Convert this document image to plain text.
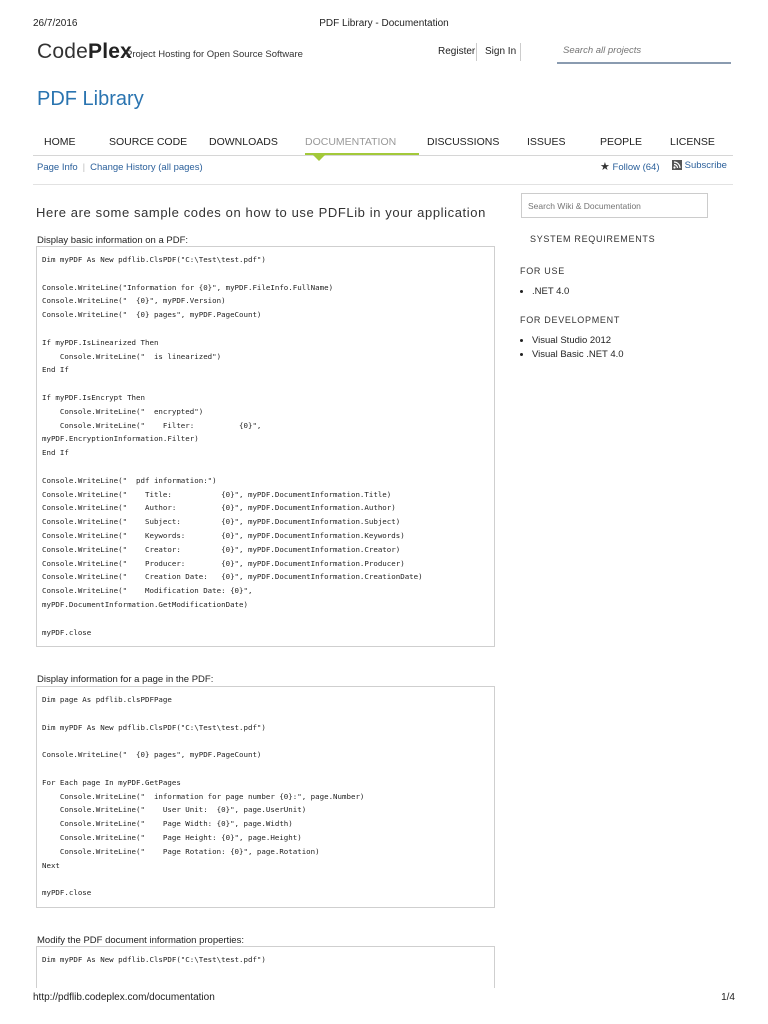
26/7/2016	PDF Library - Documentation
http://pdflib.codeplex.com/documentation	1/4
CodePlex
Project Hosting for Open Source Software	Register Sign In
Search all projects
PDF Library
HOME	SOURCE CODE DOWNLOADS	DOCUMENTATION	DISCUSSIONS	ISSUES	PEOPLE	LICENSE
Page Info | Change History (all pages)	★ Follow (64)	Subscribe
Here are some sample codes on how to use PDFLib in your application
Display basic information on a PDF:
Dim myPDF As New pdflib.ClsPDF("C:\Test\test.pdf")

Console.WriteLine("Information for {0}", myPDF.FileInfo.FullName)
Console.WriteLine("  {0}", myPDF.Version)
Console.WriteLine("  {0} pages", myPDF.PageCount)

If myPDF.IsLinearized Then
Console.WriteLine("  is linearized")
End If

If myPDF.IsEncrypt Then
Console.WriteLine("  encrypted")
Console.WriteLine("    Filter:          {0}",
myPDF.EncryptionInformation.Filter)
End If

Console.WriteLine("  pdf information:")
Console.WriteLine("    Title:           {0}", myPDF.DocumentInformation.Title)
Console.WriteLine("    Author:          {0}", myPDF.DocumentInformation.Author)
Console.WriteLine("    Subject:         {0}", myPDF.DocumentInformation.Subject)
Console.WriteLine("    Keywords:        {0}", myPDF.DocumentInformation.Keywords)
Console.WriteLine("    Creator:         {0}", myPDF.DocumentInformation.Creator)
Console.WriteLine("    Producer:        {0}", myPDF.DocumentInformation.Producer)
Console.WriteLine("    Creation Date:   {0}", myPDF.DocumentInformation.CreationDate)
Console.WriteLine("    Modification Date: {0}",
myPDF.DocumentInformation.GetModificationDate)

myPDF.close
Display information for a page in the PDF:
Dim page As pdflib.clsPDFPage

Dim myPDF As New pdflib.ClsPDF("C:\Test\test.pdf")

Console.WriteLine("  {0} pages", myPDF.PageCount)

For Each page In myPDF.GetPages
Console.WriteLine("  information for page number {0}:", page.Number)
Console.WriteLine("    User Unit:  {0}", page.UserUnit)
Console.WriteLine("    Page Width: {0}", page.Width)
Console.WriteLine("    Page Height: {0}", page.Height)
Console.WriteLine("    Page Rotation: {0}", page.Rotation)
Next

myPDF.close
Modify the PDF document information properties:
Dim myPDF As New pdflib.ClsPDF("C:\Test\test.pdf")
Search Wiki & Documentation
SYSTEM REQUIREMENTS
FOR USE
• .NET 4.0
FOR DEVELOPMENT
• Visual Studio 2012
• Visual Basic .NET 4.0
